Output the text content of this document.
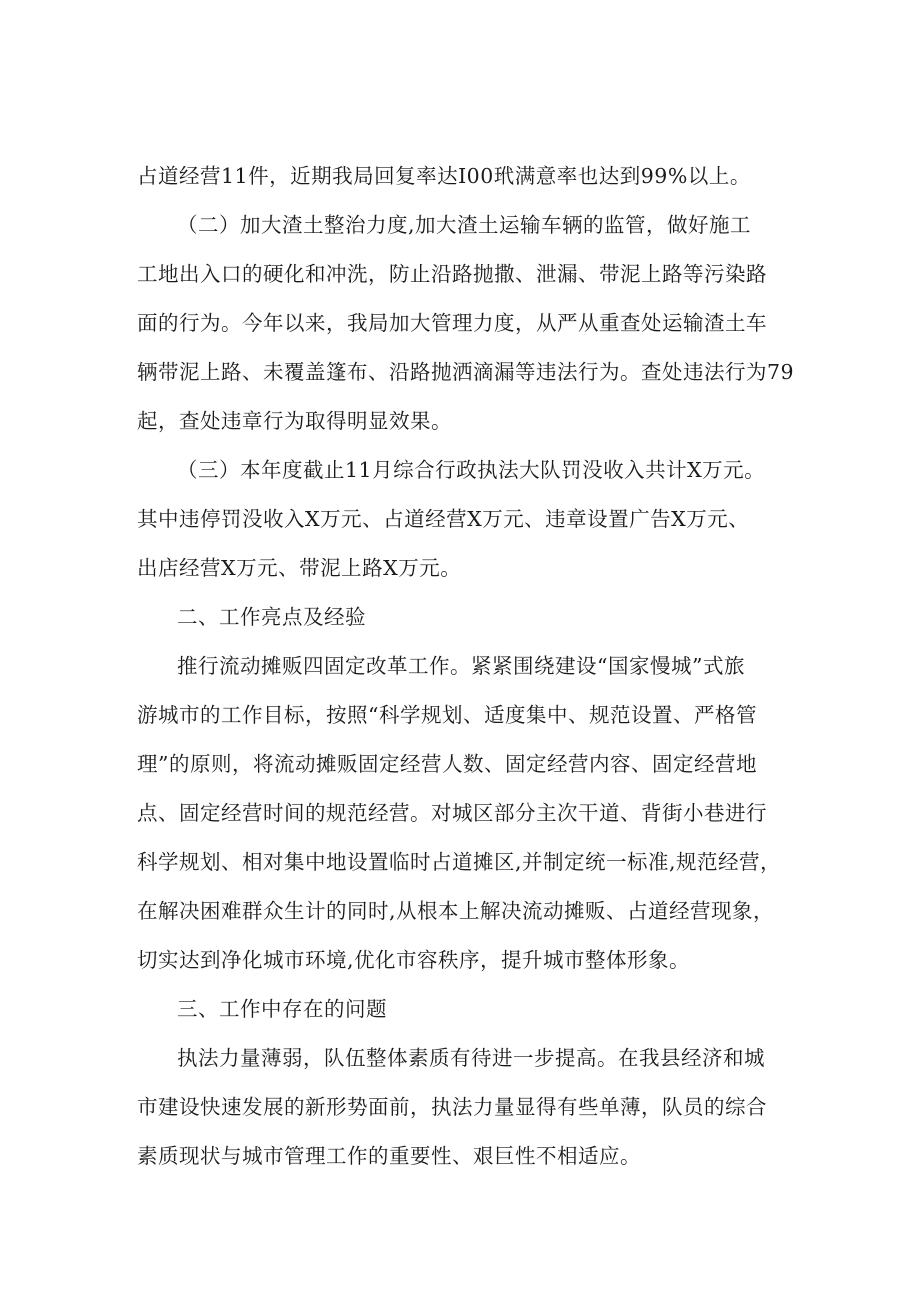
占道经营11件，近期我局回复率达I00玳满意率也达到99%以上。
（二）加大渣土整治力度,加大渣土运输车辆的监管，做好施工
工地出入口的硬化和冲洗，防止沿路抛撒、泄漏、带泥上路等污染路
面的行为。今年以来，我局加大管理力度，从严从重查处运输渣土车
辆带泥上路、未覆盖篷布、沿路抛洒滴漏等违法行为。查处违法行为79
起，查处违章行为取得明显效果。
（三）本年度截止11月综合行政执法大队罚没收入共计X万元。
其中违停罚没收入X万元、占道经营X万元、违章设置广告X万元、
出店经营X万元、带泥上路X万元。
二、工作亮点及经验
推行流动摊贩四固定改革工作。紧紧围绕建设“国家慢城”式旅
游城市的工作目标，按照“科学规划、适度集中、规范设置、严格管
理”的原则，将流动摊贩固定经营人数、固定经营内容、固定经营地
点、固定经营时间的规范经营。对城区部分主次干道、背街小巷进行
科学规划、相对集中地设置临时占道摊区,并制定统一标准,规范经营，
在解决困难群众生计的同时,从根本上解决流动摊贩、占道经营现象，
切实达到净化城市环境,优化市容秩序，提升城市整体形象。
三、工作中存在的问题
执法力量薄弱，队伍整体素质有待进一步提高。在我县经济和城
市建设快速发展的新形势面前，执法力量显得有些单薄，队员的综合
素质现状与城市管理工作的重要性、艰巨性不相适应。
